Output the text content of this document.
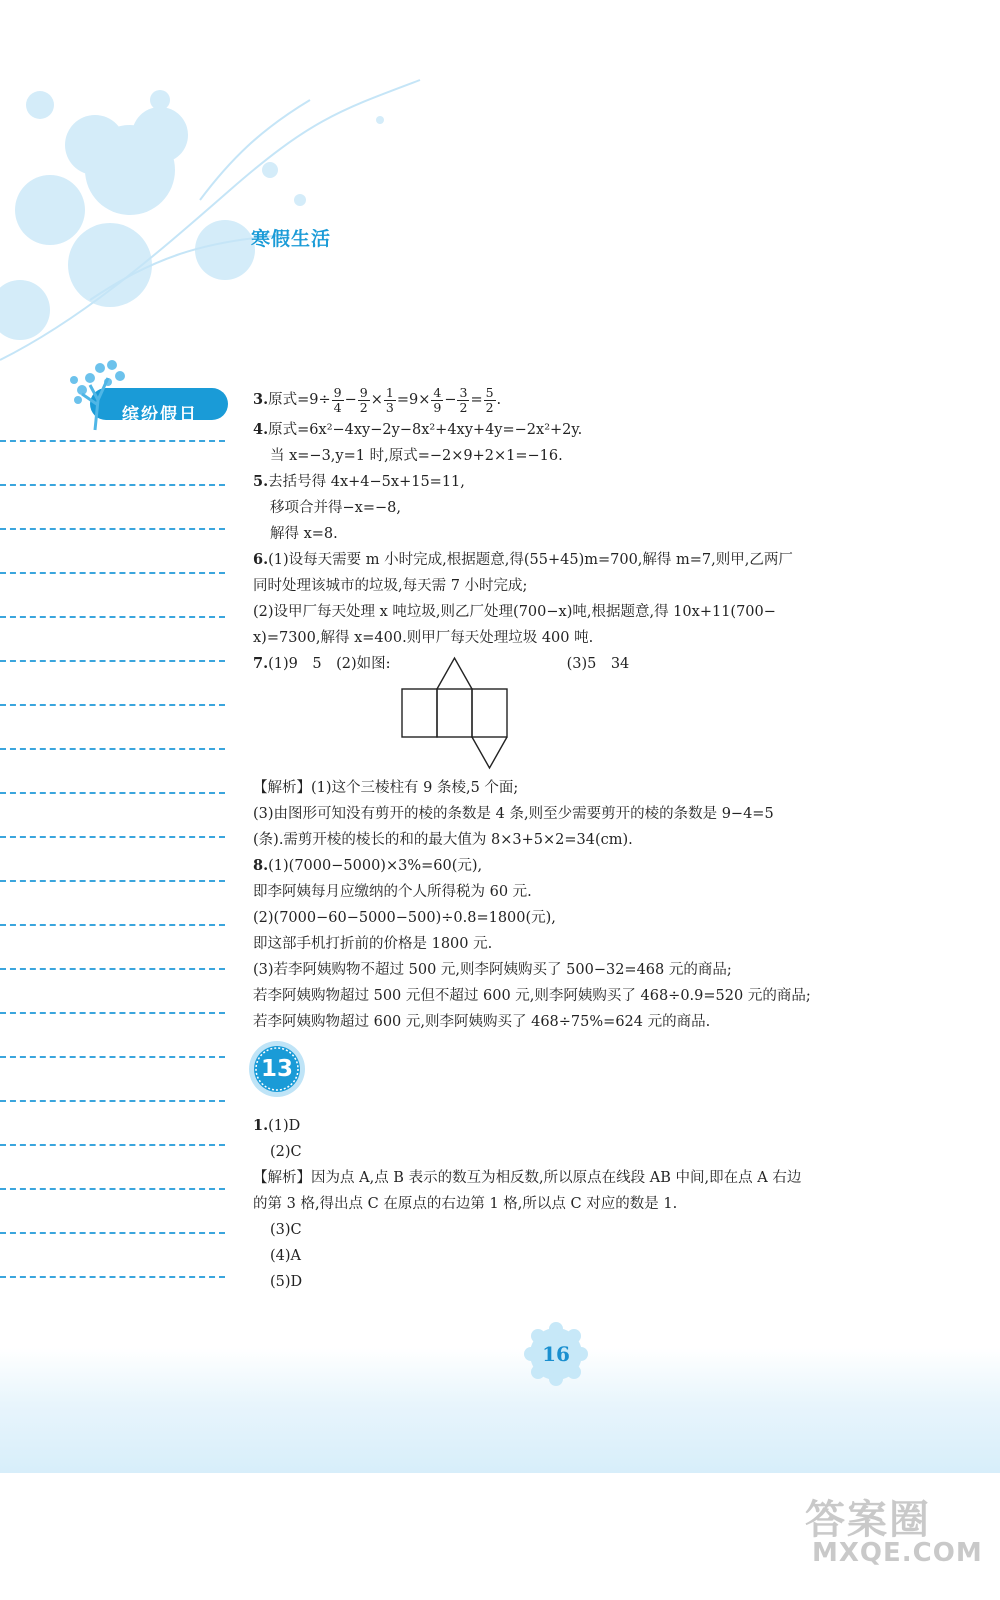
寒假生活
缤纷假日
3.原式$=9\div \frac{9}{4} - \frac{9}{2} \times \frac{1}{3} =9\times \frac{4}{9} - \frac{3}{2} = \frac{5}{2}$ .
4.原式=6x²−4xy−2y−8x²+4xy+4y=−2x²+2y.
当 x=−3,y=1 时,原式=−2×9+2×1=−16.
5.去括号得 4x+4−5x+15=11,
移项合并得−x=−8,
解得 x=8.
6.(1)设每天需要 m 小时完成,根据题意,得(55+45)m=700,解得 m=7,则甲,乙两厂
同时处理该城市的垃圾,每天需 7 小时完成;
(2)设甲厂每天处理 x 吨垃圾,则乙厂处理(700−x)吨,根据题意,得 10x+11(700−
x)=7300,解得 x=400.则甲厂每天处理垃圾 400 吨.
7.(1)9　5　(2)如图:	(3)5　34
【解析】(1)这个三棱柱有 9 条棱,5 个面;
(3)由图形可知没有剪开的棱的条数是 4 条,则至少需要剪开的棱的条数是 9−4=5
(条).需剪开棱的棱长的和的最大值为 8×3+5×2=34(cm).
8.(1)(7000−5000)×3%=60(元),
即李阿姨每月应缴纳的个人所得税为 60 元.
(2)(7000−60−5000−500)÷0.8=1800(元),
即这部手机打折前的价格是 1800 元.
(3)若李阿姨购物不超过 500 元,则李阿姨购买了 500−32=468 元的商品;
若李阿姨购物超过 500 元但不超过 600 元,则李阿姨购买了 468÷0.9=520 元的商品;
若李阿姨购物超过 600 元,则李阿姨购买了 468÷75%=624 元的商品.
1.(1)D
(2)C
【解析】因为点 A,点 B 表示的数互为相反数,所以原点在线段 AB 中间,即在点 A 右边
的第 3 格,得出点 C 在原点的右边第 1 格,所以点 C 对应的数是 1.
(3)C
(4)A
(5)D
13
16
答案圈
MXQE.COM
